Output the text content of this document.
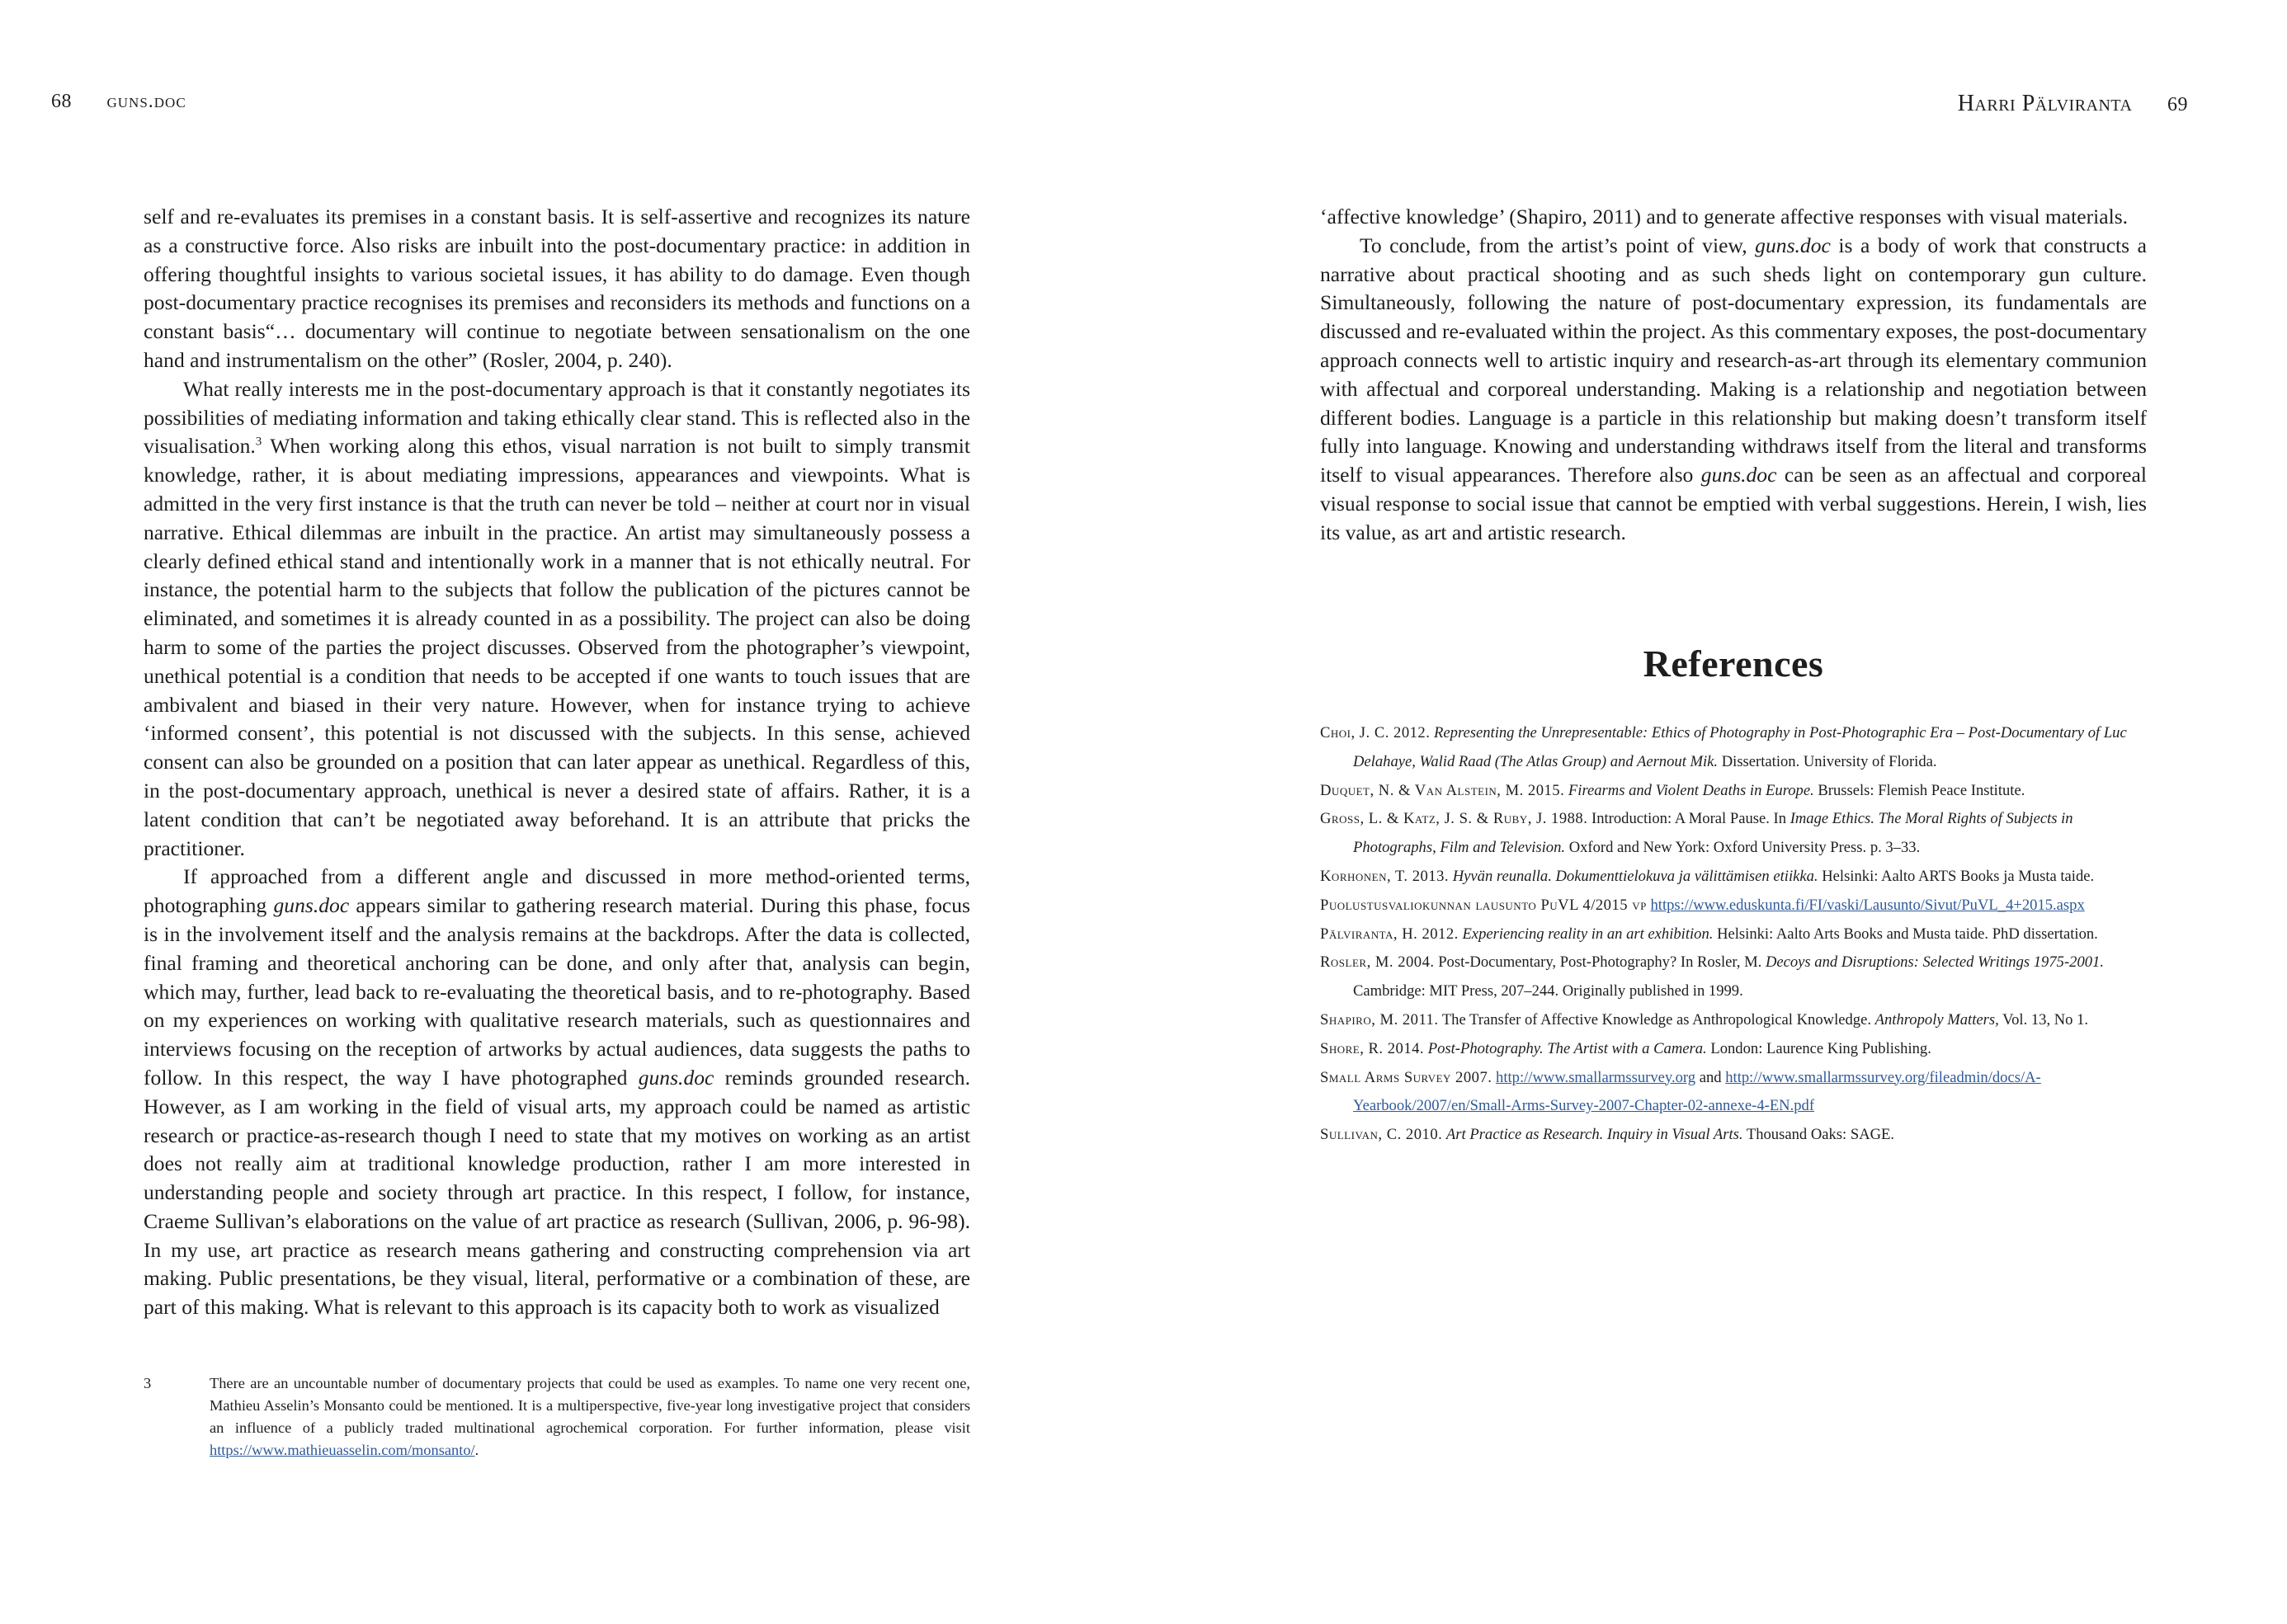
68 guns.doc

self and re-evaluates its premises in a constant basis. It is self-assertive and recognizes its nature as a constructive force. Also risks are inbuilt into the post-documentary practice: in addition in offering thoughtful insights to various societal issues, it has ability to do damage. Even though post-documentary practice recognises its premises and reconsiders its methods and functions on a constant basis“… documentary will continue to negotiate between sensationalism on the one hand and instrumentalism on the other” (Rosler, 2004, p. 240).

What really interests me in the post-documentary approach is that it constantly negotiates its possibilities of mediating information and taking ethically clear stand. This is reflected also in the visualisation.$^3$ When working along this ethos, visual narration is not built to simply transmit knowledge, rather, it is about mediating impressions, appearances and viewpoints. What is admitted in the very first instance is that the truth can never be told – neither at court nor in visual narrative. Ethical dilemmas are inbuilt in the practice. An artist may simultaneously possess a clearly defined ethical stand and intentionally work in a manner that is not ethically neutral. For instance, the potential harm to the subjects that follow the publication of the pictures cannot be eliminated, and sometimes it is already counted in as a possibility. The project can also be doing harm to some of the parties the project discusses. Observed from the photographer’s viewpoint, unethical potential is a condition that needs to be accepted if one wants to touch issues that are ambivalent and biased in their very nature. However, when for instance trying to achieve ‘informed consent’, this potential is not discussed with the subjects. In this sense, achieved consent can also be grounded on a position that can later appear as unethical. Regardless of this, in the post-documentary approach, unethical is never a desired state of affairs. Rather, it is a latent condition that can’t be negotiated away beforehand. It is an attribute that pricks the practitioner.

If approached from a different angle and discussed in more method-oriented terms, photographing guns.doc appears similar to gathering research material. During this phase, focus is in the involvement itself and the analysis remains at the backdrops. After the data is collected, final framing and theoretical anchoring can be done, and only after that, analysis can begin, which may, further, lead back to re-evaluating the theoretical basis, and to re-photography. Based on my experiences on working with qualitative research materials, such as questionnaires and interviews focusing on the reception of artworks by actual audiences, data suggests the paths to follow. In this respect, the way I have photographed guns.doc reminds grounded research. However, as I am working in the field of visual arts, my approach could be named as artistic research or practice-as-research though I need to state that my motives on working as an artist does not really aim at traditional knowledge production, rather I am more interested in understanding people and society through art practice. In this respect, I follow, for instance, Craeme Sullivan’s elaborations on the value of art practice as research (Sullivan, 2006, p. 96-98). In my use, art practice as research means gathering and constructing comprehension via art making. Public presentations, be they visual, literal, performative or a combination of these, are part of this making. What is relevant to this approach is its capacity both to work as visualized

3	There are an uncountable number of documentary projects that could be used as examples. To name one very recent one, Mathieu Asselin’s Monsanto could be mentioned. It is a multiperspective, five-year long investigative project that considers an influence of a publicly traded multinational agrochemical corporation. For further information, please visit https://www.mathieuasselin.com/monsanto/.
Harri Pälviranta 69

‘affective knowledge’ (Shapiro, 2011) and to generate affective responses with visual materials.

To conclude, from the artist’s point of view, guns.doc is a body of work that constructs a narrative about practical shooting and as such sheds light on contemporary gun culture. Simultaneously, following the nature of post-documentary expression, its fundamentals are discussed and re-evaluated within the project. As this commentary exposes, the post-documentary approach connects well to artistic inquiry and research-as-art through its elementary communion with affectual and corporeal understanding. Making is a relationship and negotiation between different bodies. Language is a particle in this relationship but making doesn’t transform itself fully into language. Knowing and understanding withdraws itself from the literal and transforms itself to visual appearances. Therefore also guns.doc can be seen as an affectual and corporeal visual response to social issue that cannot be emptied with verbal suggestions. Herein, I wish, lies its value, as art and artistic research.

References
Choi, J. C. 2012. Representing the Unrepresentable: Ethics of Photography in Post-Photographic Era – Post-Documentary of Luc Delahaye, Walid Raad (The Atlas Group) and Aernout Mik. Dissertation. University of Florida.
Duquet, N. & Van Alstein, M. 2015. Firearms and Violent Deaths in Europe. Brussels: Flemish Peace Institute.
Gross, L. & Katz, J. S. & Ruby, J. 1988. Introduction: A Moral Pause. In Image Ethics. The Moral Rights of Subjects in Photographs, Film and Television. Oxford and New York: Oxford University Press. p. 3–33.
Korhonen, T. 2013. Hyvän reunalla. Dokumenttielokuva ja välittämisen etiikka. Helsinki: Aalto ARTS Books ja Musta taide.
Puolustusvaliokunnan lausunto PuVL 4/2015 vp https://www.eduskunta.fi/FI/vaski/Lausunto/Sivut/PuVL_4+2015.aspx
Pälviranta, H. 2012. Experiencing reality in an art exhibition. Helsinki: Aalto Arts Books and Musta taide. PhD dissertation.
Rosler, M. 2004. Post-Documentary, Post-Photography? In Rosler, M. Decoys and Disruptions: Selected Writings 1975-2001. Cambridge: MIT Press, 207–244. Originally published in 1999.
Shapiro, M. 2011. The Transfer of Affective Knowledge as Anthropological Knowledge. Anthropoly Matters, Vol. 13, No 1.
Shore, R. 2014. Post-Photography. The Artist with a Camera. London: Laurence King Publishing.
Small Arms Survey 2007. http://www.smallarmssurvey.org and http://www.smallarmssurvey.org/fileadmin/docs/A-Yearbook/2007/en/Small-Arms-Survey-2007-Chapter-02-annexe-4-EN.pdf
Sullivan, C. 2010. Art Practice as Research. Inquiry in Visual Arts. Thousand Oaks: SAGE.
